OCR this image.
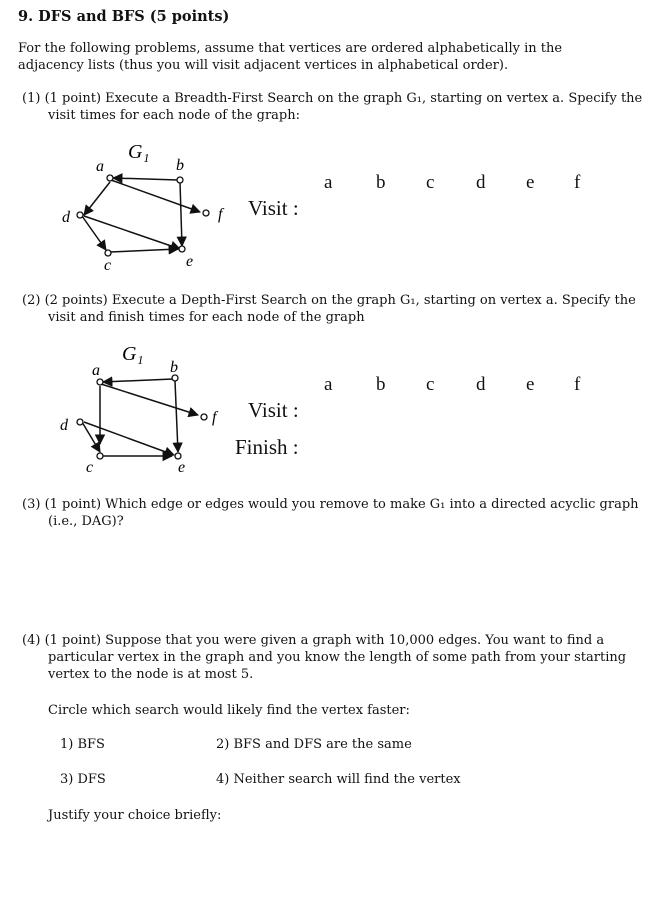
9. DFS and BFS (5 points)
For the following problems, assume that vertices are ordered alphabetically in the adjacency lists (thus you will visit adjacent vertices in alphabetical order).
(1) (1 point) Execute a Breadth-First Search on the graph G₁, starting on vertex a. Specify the visit times for each node of the graph:
G₁
a	b
c
d
e
f
a b c d e f
Visit :
(2) (2 points) Execute a Depth-First Search on the graph G₁, starting on vertex a. Specify the visit and finish times for each node of the graph
G₁
a	b
c
d
e
f
a b c d e f
Visit :
Finish :
(3) (1 point) Which edge or edges would you remove to make G₁ into a directed acyclic graph (i.e., DAG)?
(4) (1 point) Suppose that you were given a graph with 10,000 edges. You want to find a particular vertex in the graph and you know the length of some path from your starting vertex to the node is at most 5.
Circle which search would likely find the vertex faster:
1) BFS	2) BFS and DFS are the same
3) DFS	4) Neither search will find the vertex
Justify your choice briefly:
